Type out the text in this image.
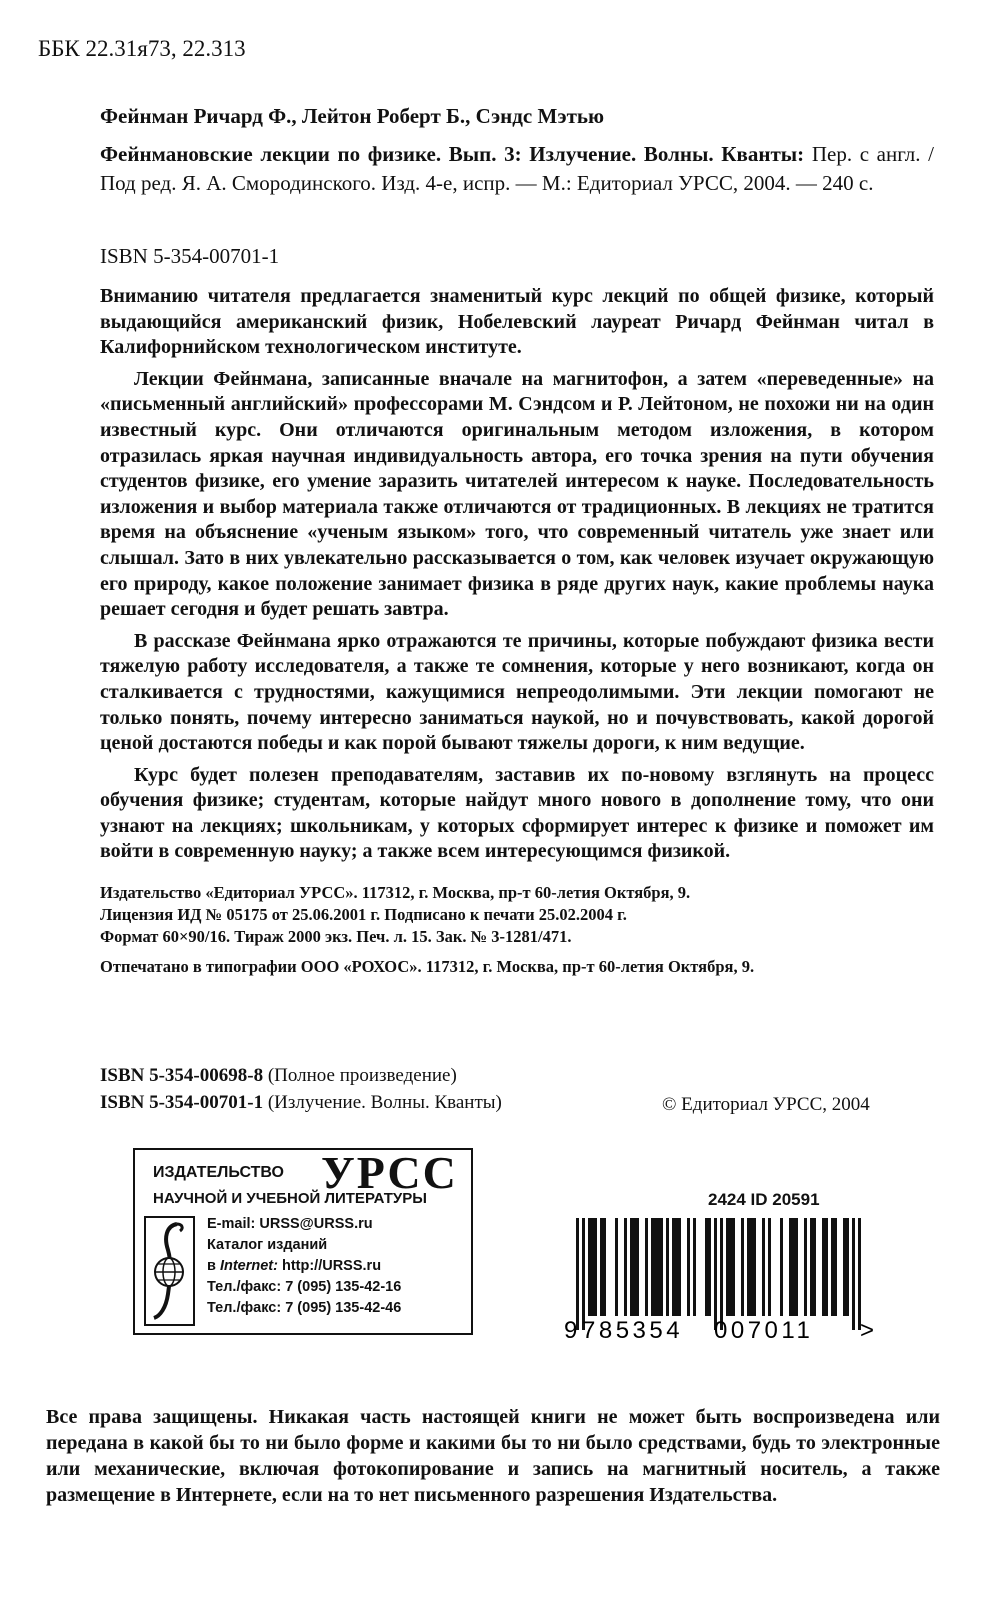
ББК 22.31я73, 22.313
Фейнман Ричард Ф., Лейтон Роберт Б., Сэндс Мэтью
Фейнмановские лекции по физике. Вып. 3: Излучение. Волны. Кванты: Пер. с англ. / Под ред. Я. А. Смородинского. Изд. 4-е, испр. — М.: Едиториал УРСС, 2004. — 240 с.
ISBN 5-354-00701-1

Вниманию читателя предлагается знаменитый курс лекций по общей физике, который выдающийся американский физик, Нобелевский лауреат Ричард Фейнман читал в Калифорнийском технологическом институте.

Лекции Фейнмана, записанные вначале на магнитофон, а затем «переведенные» на «письменный английский» профессорами М. Сэндсом и Р. Лейтоном, не похожи ни на один известный курс. Они отличаются оригинальным методом изложения, в котором отразилась яркая научная индивидуальность автора, его точка зрения на пути обучения студентов физике, его умение заразить читателей интересом к науке. Последовательность изложения и выбор материала также отличаются от традиционных. В лекциях не тратится время на объяснение «ученым языком» того, что современный читатель уже знает или слышал. Зато в них увлекательно рассказывается о том, как человек изучает окружающую его природу, какое положение занимает физика в ряде других наук, какие проблемы наука решает сегодня и будет решать завтра.

В рассказе Фейнмана ярко отражаются те причины, которые побуждают физика вести тяжелую работу исследователя, а также те сомнения, которые у него возникают, когда он сталкивается с трудностями, кажущимися непреодолимыми. Эти лекции помогают не только понять, почему интересно заниматься наукой, но и почувствовать, какой дорогой ценой достаются победы и как порой бывают тяжелы дороги, к ним ведущие.

Курс будет полезен преподавателям, заставив их по-новому взглянуть на процесс обучения физике; студентам, которые найдут много нового в дополнение тому, что они узнают на лекциях; школьникам, у которых сформирует интерес к физике и поможет им войти в современную науку; а также всем интересующимся физикой.

Издательство «Едиториал УРСС». 117312, г. Москва, пр-т 60-летия Октября, 9.
Лицензия ИД № 05175 от 25.06.2001 г. Подписано к печати 25.02.2004 г.
Формат 60×90/16. Тираж 2000 экз. Печ. л. 15. Зак. № 3-1281/471.
Отпечатано в типографии ООО «РОХОС». 117312, г. Москва, пр-т 60-летия Октября, 9.
ISBN 5-354-00698-8 (Полное произведение)
ISBN 5-354-00701-1 (Излучение. Волны. Кванты)	© Едиториал УРСС, 2004
ИЗДАТЕЛЬСТВО УРСС
НАУЧНОЙ И УЧЕБНОЙ ЛИТЕРАТУРЫ
E-mail: URSS@URSS.ru
Каталог изданий
в Internet: http://URSS.ru
Тел./факс: 7 (095) 135-42-16
Тел./факс: 7 (095) 135-42-46
2424 ID 20591
9 785354 007011 >
Все права защищены. Никакая часть настоящей книги не может быть воспроизведена или передана в какой бы то ни было форме и какими бы то ни было средствами, будь то электронные или механические, включая фотокопирование и запись на магнитный носитель, а также размещение в Интернете, если на то нет письменного разрешения Издательства.
